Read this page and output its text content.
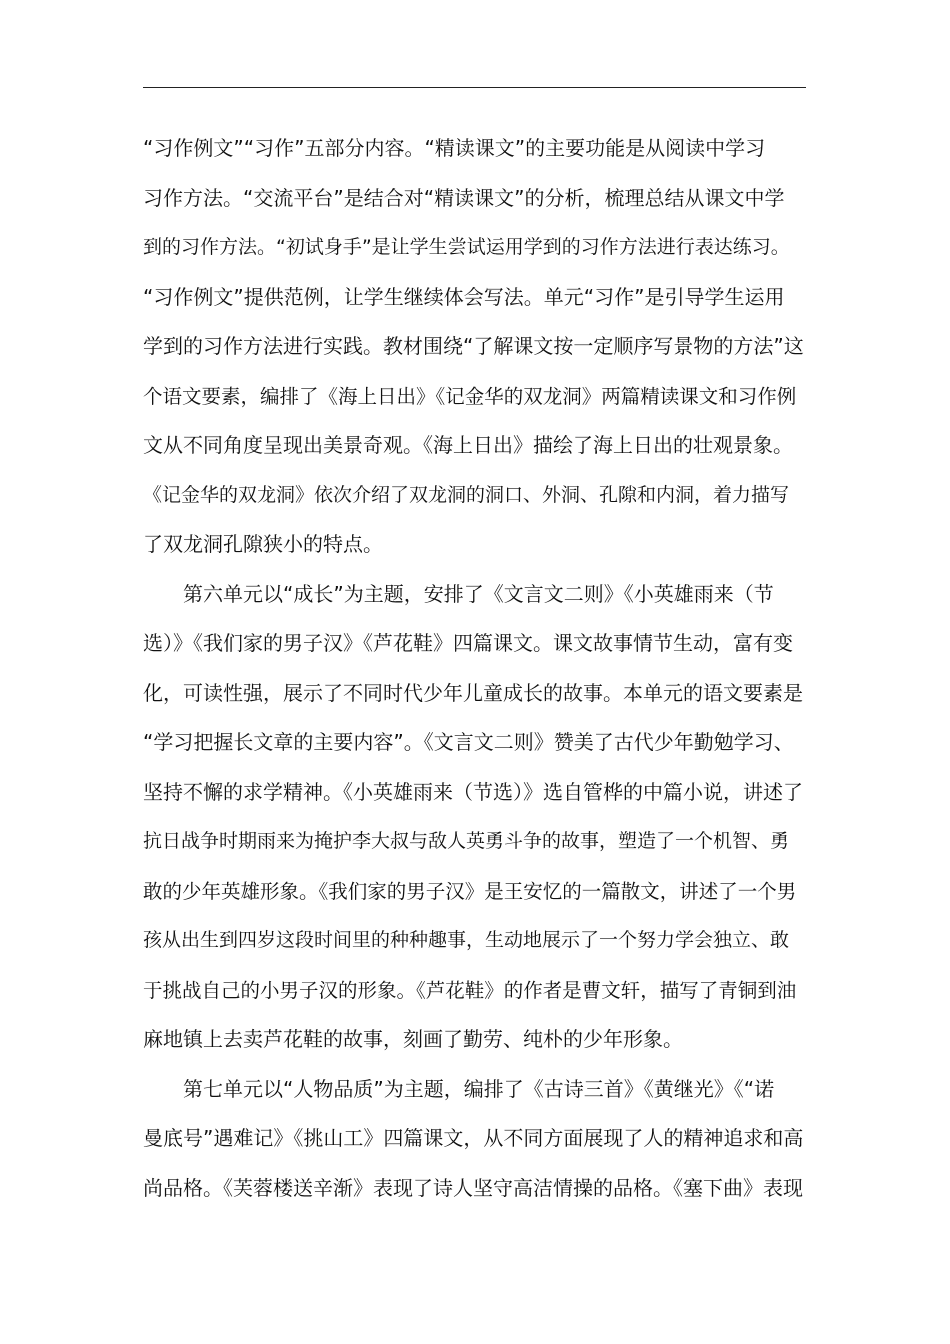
“习作例文”“习作”五部分内容。“精读课文”的主要功能是从阅读中学习
习作方法。“交流平台”是结合对“精读课文”的分析，梳理总结从课文中学
到的习作方法。“初试身手”是让学生尝试运用学到的习作方法进行表达练习。
“习作例文”提供范例，让学生继续体会写法。单元“习作”是引导学生运用
学到的习作方法进行实践。教材围绕“了解课文按一定顺序写景物的方法”这
个语文要素，编排了《海上日出》《记金华的双龙洞》两篇精读课文和习作例
文从不同角度呈现出美景奇观。《海上日出》描绘了海上日出的壮观景象。
《记金华的双龙洞》依次介绍了双龙洞的洞口、外洞、孔隙和内洞，着力描写
了双龙洞孔隙狭小的特点。
第六单元以“成长”为主题，安排了《文言文二则》《小英雄雨来（节
选）》《我们家的男子汉》《芦花鞋》四篇课文。课文故事情节生动，富有变
化，可读性强，展示了不同时代少年儿童成长的故事。本单元的语文要素是
“学习把握长文章的主要内容”。《文言文二则》赞美了古代少年勤勉学习、
坚持不懈的求学精神。《小英雄雨来（节选）》选自管桦的中篇小说，讲述了
抗日战争时期雨来为掩护李大叔与敌人英勇斗争的故事，塑造了一个机智、勇
敢的少年英雄形象。《我们家的男子汉》是王安忆的一篇散文，讲述了一个男
孩从出生到四岁这段时间里的种种趣事，生动地展示了一个努力学会独立、敢
于挑战自己的小男子汉的形象。《芦花鞋》的作者是曹文轩，描写了青铜到油
麻地镇上去卖芦花鞋的故事，刻画了勤劳、纯朴的少年形象。
第七单元以“人物品质”为主题，编排了《古诗三首》《黄继光》《“诺
曼底号”遇难记》《挑山工》四篇课文，从不同方面展现了人的精神追求和高
尚品格。《芙蓉楼送辛渐》表现了诗人坚守高洁情操的品格。《塞下曲》表现
